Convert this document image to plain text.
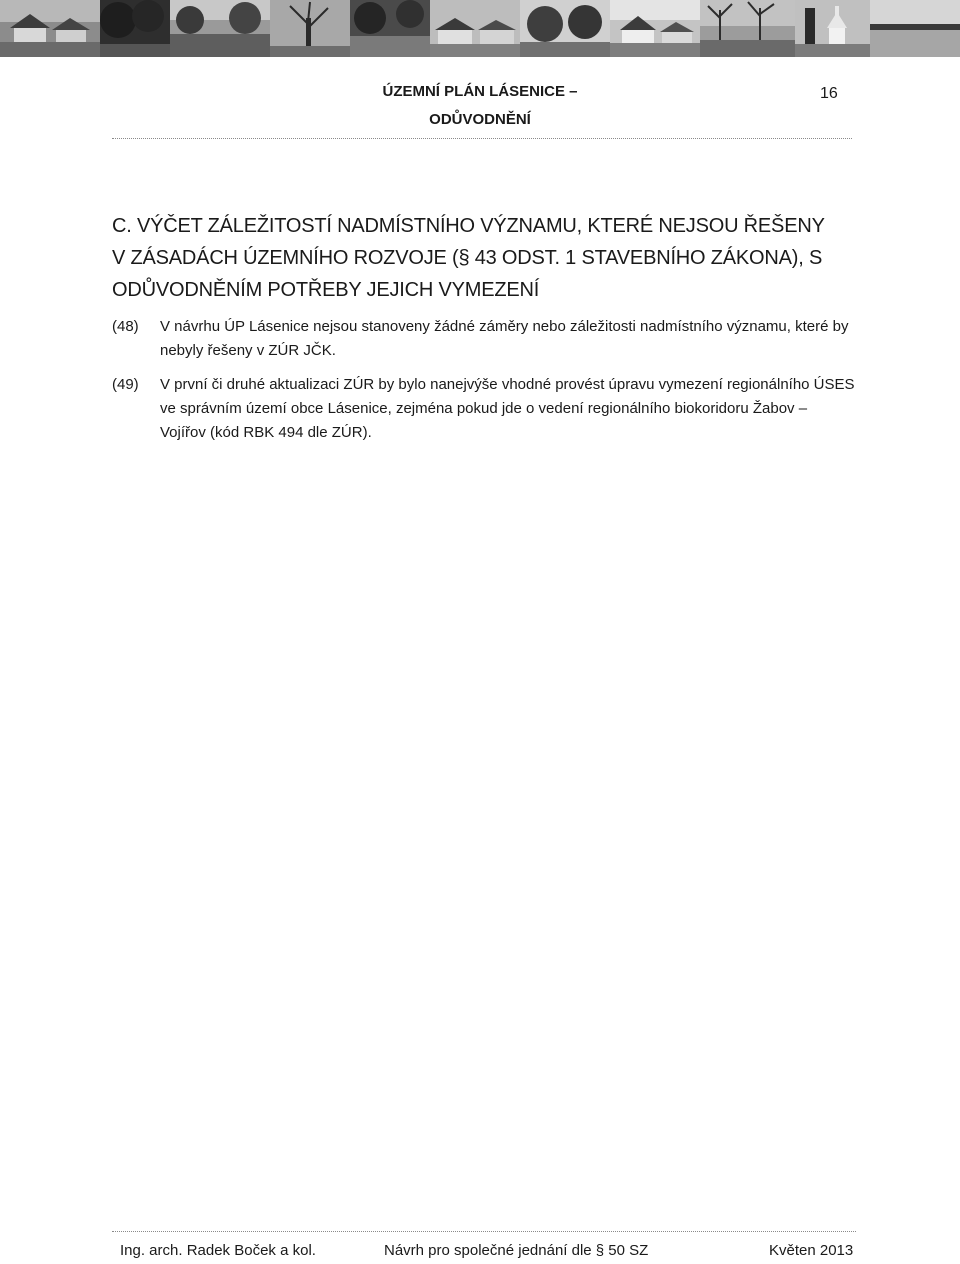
ÚZEMNÍ PLÁN LÁSENICE –
ODŮVODNĚNÍ
16
C. VÝČET ZÁLEŽITOSTÍ NADMÍSTNÍHO VÝZNAMU, KTERÉ NEJSOU ŘEŠENY V ZÁSADÁCH ÚZEMNÍHO ROZVOJE (§ 43 ODST. 1 STAVEBNÍHO ZÁKONA), S ODŮVODNĚNÍM POTŘEBY JEJICH VYMEZENÍ
(48) V návrhu ÚP Lásenice nejsou stanoveny žádné záměry nebo záležitosti nadmístního významu, které by nebyly řešeny v ZÚR JČK.
(49) V první či druhé aktualizaci ZÚR by bylo nanejvýše vhodné provést úpravu vymezení regionálního ÚSES ve správním území obce Lásenice, zejména pokud jde o vedení regionálního biokoridoru Žabov – Vojířov (kód RBK 494 dle ZÚR).
Ing. arch. Radek Boček a kol.	Návrh pro společné jednání dle § 50 SZ	Květen 2013
